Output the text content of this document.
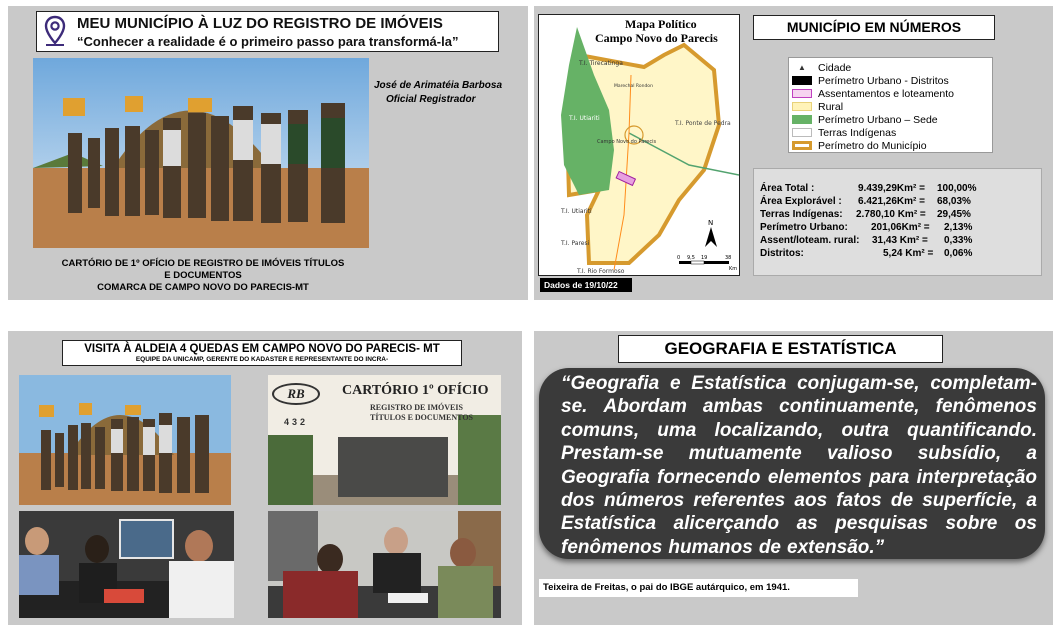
MEU MUNICÍPIO À LUZ DO REGISTRO DE IMÓVEIS
“Conhecer a realidade é o primeiro passo para transformá-la”
José de Arimatéia Barbosa
Oficial Registrador
CARTÓRIO DE 1º OFÍCIO DE REGISTRO DE IMÓVEIS TÍTULOS
E DOCUMENTOS
COMARCA DE CAMPO NOVO DO PARECIS-MT
T.I. Tirecatinga
T.I. Utiariti
T.I. Ponte de Pedra
Campo Novo do Parecis
Marechal Rondon
T.I. Utiariti
T.I. Paresi
T.I. Rio Formoso
N
0 9,5 19	38
Km
Mapa Político
Campo Novo do Parecis
Dados de 19/10/22
MUNICÍPIO EM NÚMEROS
▲	Cidade
Perímetro Urbano - Distritos
Assentamentos e loteamento
Rural
Perímetro Urbano – Sede
Terras Indígenas
Perímetro do Município
Área Total :	9.439,29Km² = 100,00%
Área Explorável : 6.421,26Km² = 68,03%
Terras Indígenas: 2.780,10 Km² = 29,45%
Perímetro Urbano: 201,06Km² = 2,13%
Assent/loteam. rural: 31,43 Km² = 0,33%
Distritos:	5,24 Km² = 0,06%
VISITA À ALDEIA 4 QUEDAS EM CAMPO NOVO DO PARECIS- MT
EQUIPE DA UNICAMP, GERENTE DO KADASTER E REPRESENTANTE DO INCRA-
RB	CARTÓRIO 1º OFÍCIO
REGISTRO DE IMÓVEIS
TÍTULOS E DOCUMENTOS
432
GEOGRAFIA E ESTATÍSTICA
“Geografia e Estatística conjugam-se, completam-
se. Abordam ambas continuamente, fenômenos
comuns, uma localizando, outra quantificando.
Prestam-se mutuamente valioso subsídio, a
Geografia fornecendo elementos para interpretação
dos números referentes aos fatos de superfície, a
Estatística alicerçando as pesquisas sobre os
fenômenos humanos de extensão.”
Teixeira de Freitas, o pai do IBGE autárquico, em 1941.
